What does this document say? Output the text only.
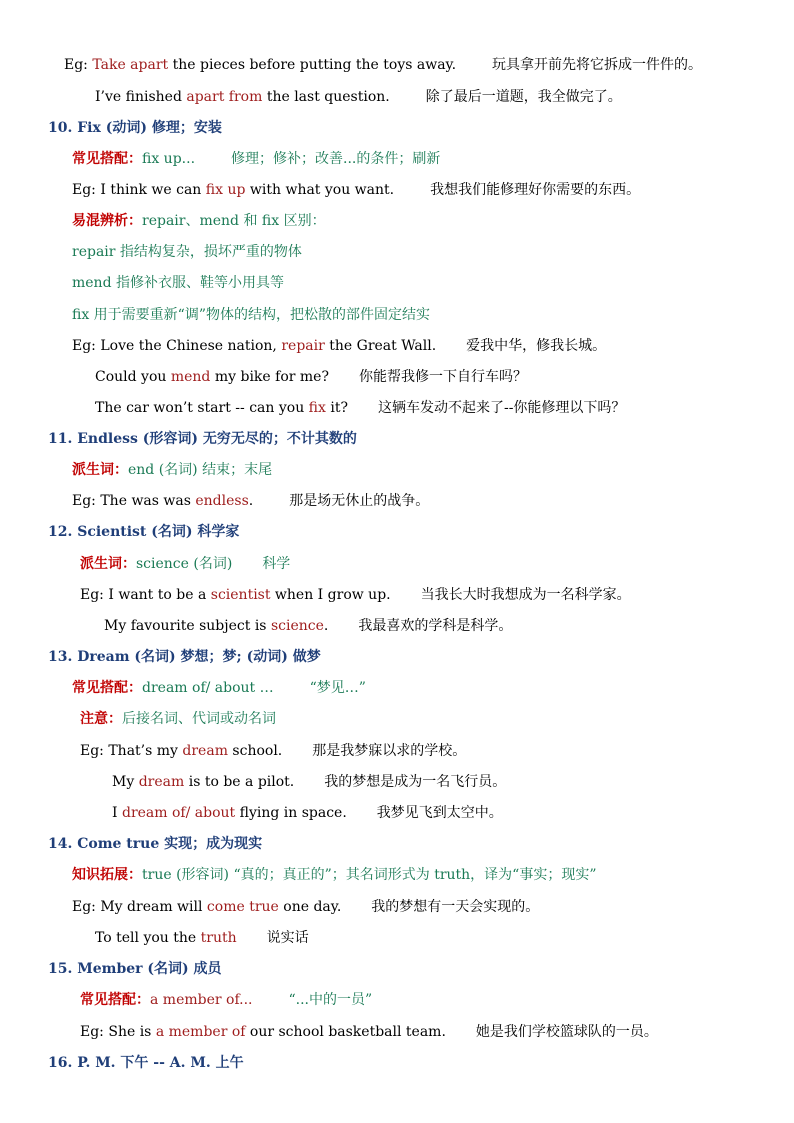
Eg: Take apart the pieces before putting the toys away.	玩具拿开前先将它拆成一件件的。
I’ve finished apart from the last question.	除了最后一道题，我全做完了。
10. Fix (动词) 修理；安装
常见搭配：fix up...	修理；修补；改善...的条件；刷新
Eg: I think we can fix up with what you want.	我想我们能修理好你需要的东西。
易混辨析：repair、mend 和 fix 区别：
repair 指结构复杂，损坏严重的物体
mend 指修补衣服、鞋等小用具等
fix 用于需要重新“调”物体的结构，把松散的部件固定结实
Eg: Love the Chinese nation, repair the Great Wall. 爱我中华，修我长城。
Could you mend my bike for me? 你能帮我修一下自行车吗？
The car won’t start -- can you fix it? 这辆车发动不起来了--你能修理以下吗？
11. Endless (形容词) 无穷无尽的；不计其数的
派生词：end (名词) 结束；末尾
Eg: The was was endless.	那是场无休止的战争。
12. Scientist (名词) 科学家
派生词：science (名词) 科学
Eg: I want to be a scientist when I grow up. 当我长大时我想成为一名科学家。
My favourite subject is science. 我最喜欢的学科是科学。
13. Dream (名词) 梦想；梦; (动词) 做梦
常见搭配：dream of/ about …	“梦见…”
注意：后接名词、代词或动名词
Eg: That’s my dream school. 那是我梦寐以求的学校。
My dream is to be a pilot. 我的梦想是成为一名飞行员。
I dream of/ about flying in space. 我梦见飞到太空中。
14. Come true 实现；成为现实
知识拓展：true (形容词) “真的；真正的”；其名词形式为 truth，译为“事实；现实”
Eg: My dream will come true one day. 我的梦想有一天会实现的。
To tell you the truth 说实话
15. Member (名词) 成员
常见搭配：a member of...	“...中的一员”
Eg: She is a member of our school basketball team. 她是我们学校篮球队的一员。
16. P. M. 下午 -- A. M. 上午
